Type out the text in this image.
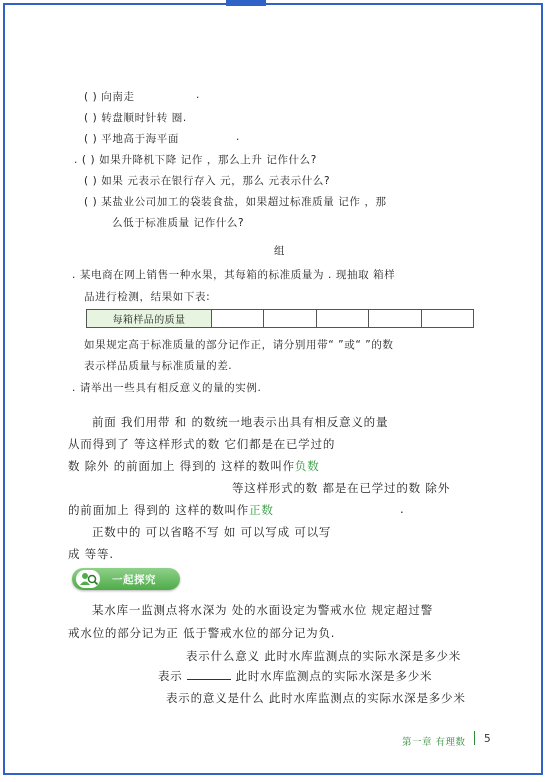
( ) 向南走	.
( ) 转盘顺时针转 圈.
( ) 平地高于海平面	.
. ( ) 如果升降机下降 记作 ，那么上升 记作什么?
( ) 如果 元表示在银行存入 元，那么 元表示什么?
( ) 某盐业公司加工的袋装食盐，如果超过标准质量 记作 ，那
么低于标准质量 记作什么?
组
. 某电商在网上销售一种水果，其每箱的标准质量为 . 现抽取 箱样
品进行检测，结果如下表:
每箱样品的质量
如果规定高于标准质量的部分记作正，请分别用带“ ”或“ ”的数
表示样品质量与标准质量的差.
. 请举出一些具有相反意义的量的实例.
前面 我们用带 和 的数统一地表示出具有相反意义的量
从而得到了 等这样形式的数 它们都是在已学过的
数 除外 的前面加上 得到的 这样的数叫作负数
等这样形式的数 都是在已学过的数 除外
的前面加上 得到的 这样的数叫作正数	.
正数中的 可以省略不写 如 可以写成 可以写
成 等等.
一起探究
某水库一监测点将水深为 处的水面设定为警戒水位 规定超过警
戒水位的部分记为正 低于警戒水位的部分记为负.
表示什么意义 此时水库监测点的实际水深是多少米
表示	此时水库监测点的实际水深是多少米
表示的意义是什么 此时水库监测点的实际水深是多少米
第一章 有理数 5
